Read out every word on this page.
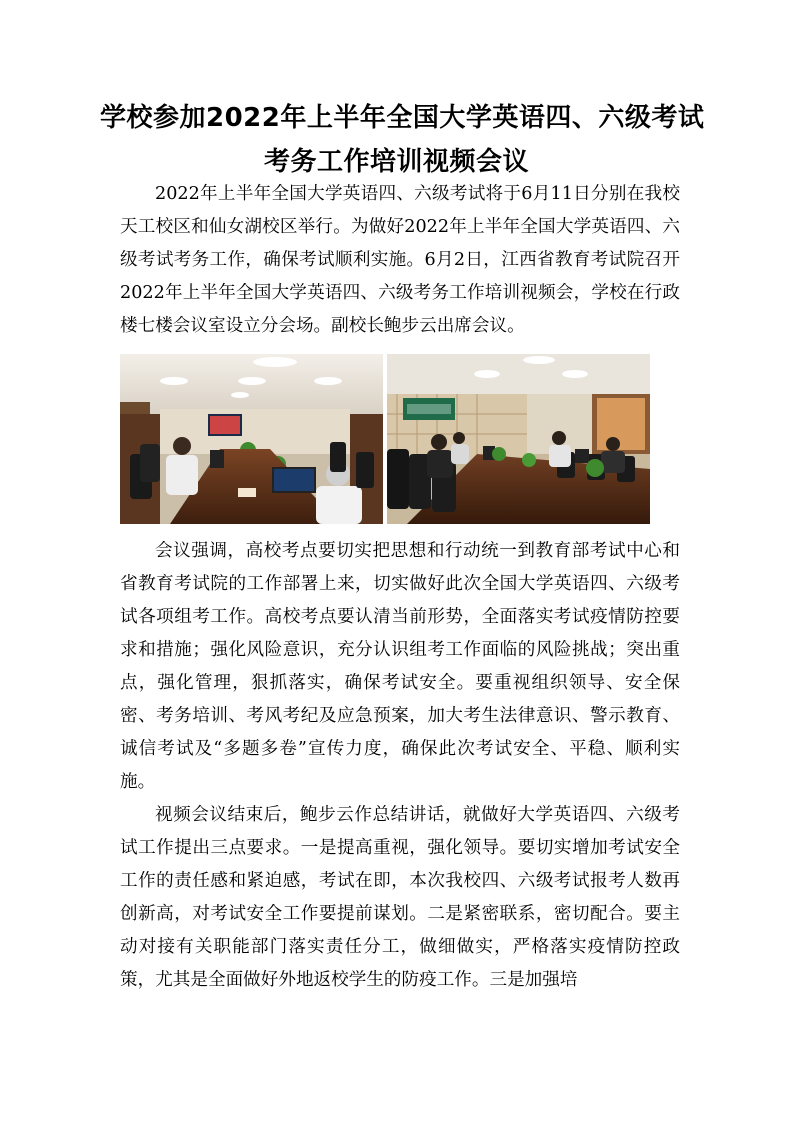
学校参加2022年上半年全国大学英语四、六级考试
考务工作培训视频会议

2022年上半年全国大学英语四、六级考试将于6月11日分别在我校天工校区和仙女湖校区举行。为做好2022年上半年全国大学英语四、六级考试考务工作，确保考试顺利实施。6月2日，江西省教育考试院召开2022年上半年全国大学英语四、六级考务工作培训视频会，学校在行政楼七楼会议室设立分会场。副校长鲍步云出席会议。

会议强调，高校考点要切实把思想和行动统一到教育部考试中心和省教育考试院的工作部署上来，切实做好此次全国大学英语四、六级考试各项组考工作。高校考点要认清当前形势，全面落实考试疫情防控要求和措施；强化风险意识，充分认识组考工作面临的风险挑战；突出重点，强化管理，狠抓落实，确保考试安全。要重视组织领导、安全保密、考务培训、考风考纪及应急预案，加大考生法律意识、警示教育、诚信考试及“多题多卷”宣传力度，确保此次考试安全、平稳、顺利实施。

视频会议结束后，鲍步云作总结讲话，就做好大学英语四、六级考试工作提出三点要求。一是提高重视，强化领导。要切实增加考试安全工作的责任感和紧迫感，考试在即，本次我校四、六级考试报考人数再创新高，对考试安全工作要提前谋划。二是紧密联系，密切配合。要主动对接有关职能部门落实责任分工，做细做实，严格落实疫情防控政策，尤其是全面做好外地返校学生的防疫工作。三是加强培
